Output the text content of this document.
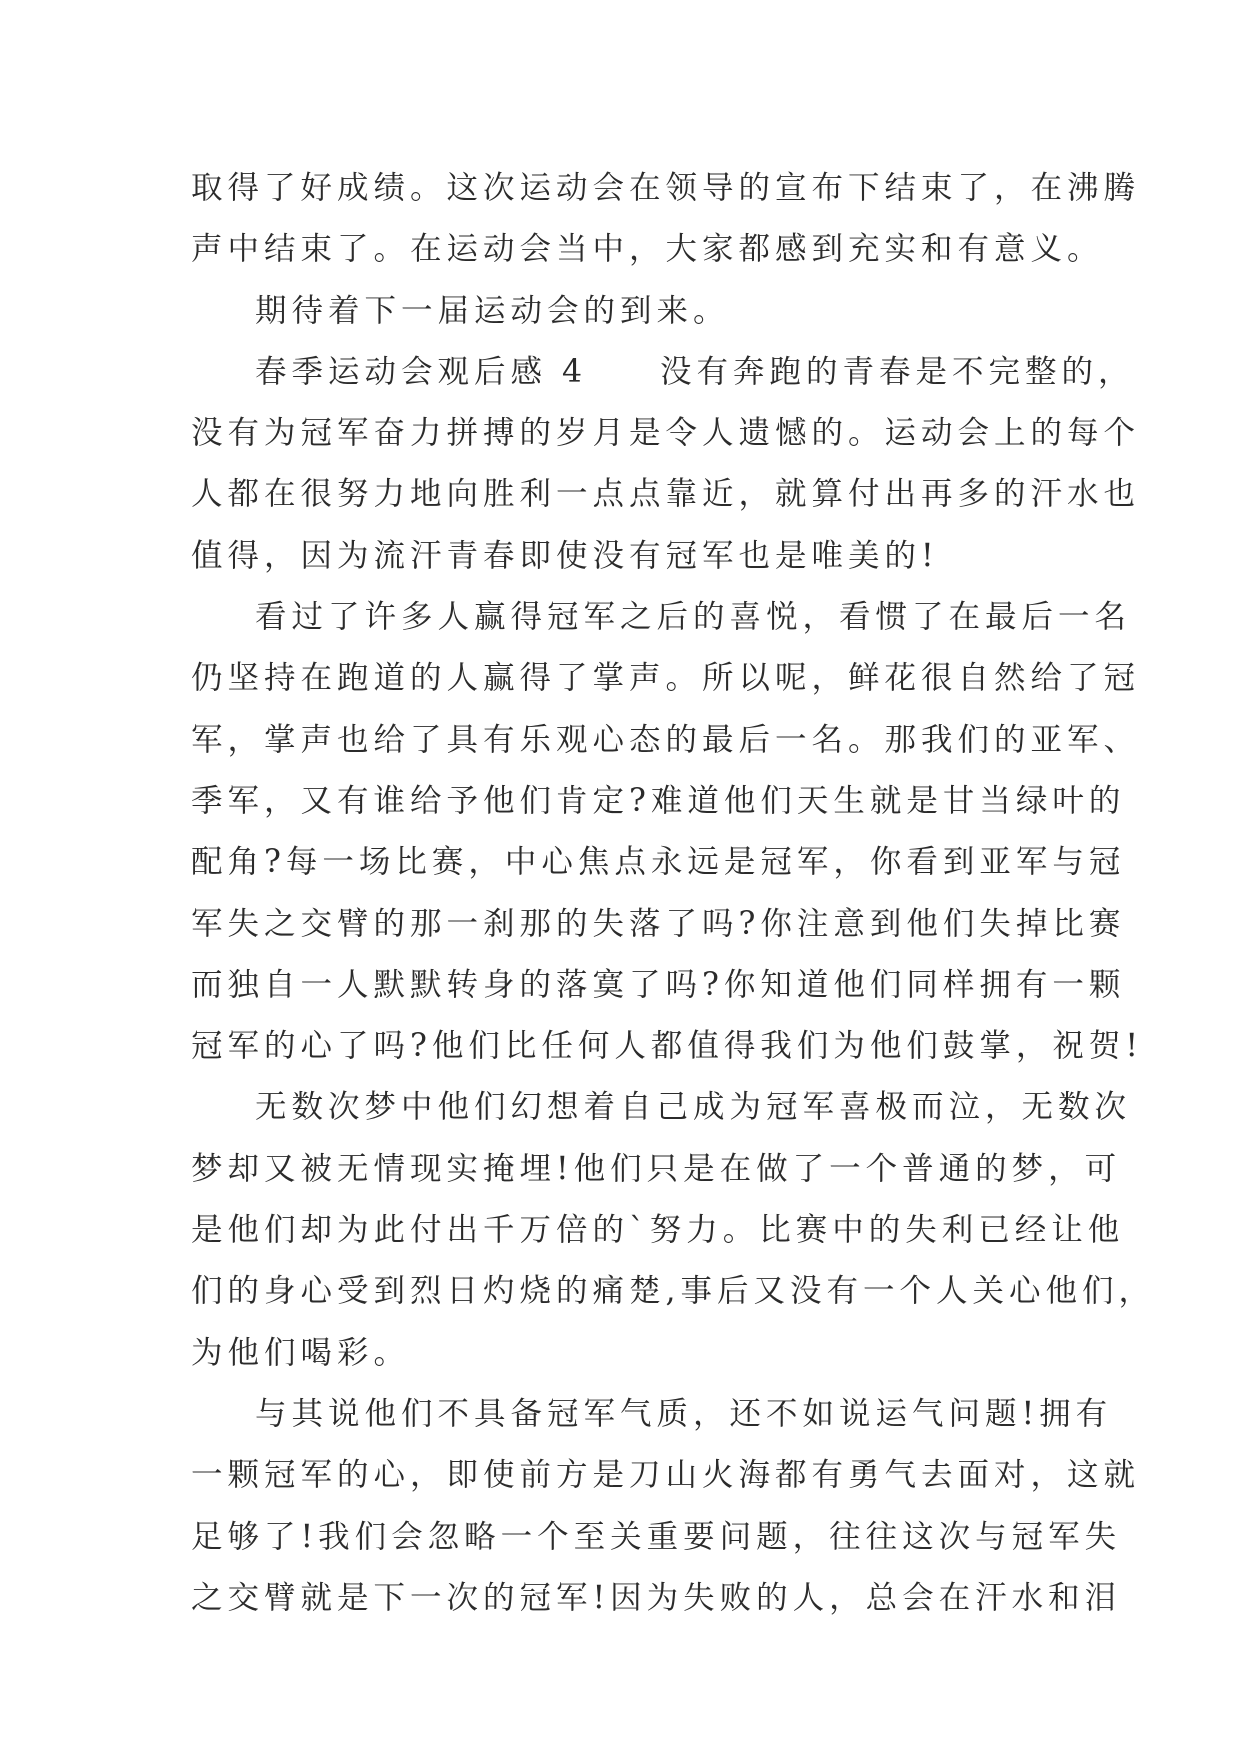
取得了好成绩。这次运动会在领导的宣布下结束了，在沸腾
声中结束了。在运动会当中，大家都感到充实和有意义。
期待着下一届运动会的到来。
春季运动会观后感 4　　没有奔跑的青春是不完整的，
没有为冠军奋力拼搏的岁月是令人遗憾的。运动会上的每个
人都在很努力地向胜利一点点靠近，就算付出再多的汗水也
值得，因为流汗青春即使没有冠军也是唯美的!
看过了许多人赢得冠军之后的喜悦，看惯了在最后一名
仍坚持在跑道的人赢得了掌声。所以呢，鲜花很自然给了冠
军，掌声也给了具有乐观心态的最后一名。那我们的亚军、
季军，又有谁给予他们肯定?难道他们天生就是甘当绿叶的
配角?每一场比赛，中心焦点永远是冠军，你看到亚军与冠
军失之交臂的那一刹那的失落了吗?你注意到他们失掉比赛
而独自一人默默转身的落寞了吗?你知道他们同样拥有一颗
冠军的心了吗?他们比任何人都值得我们为他们鼓掌，祝贺!
无数次梦中他们幻想着自己成为冠军喜极而泣，无数次
梦却又被无情现实掩埋!他们只是在做了一个普通的梦，可
是他们却为此付出千万倍的`努力。比赛中的失利已经让他
们的身心受到烈日灼烧的痛楚,事后又没有一个人关心他们，
为他们喝彩。
与其说他们不具备冠军气质，还不如说运气问题!拥有
一颗冠军的心，即使前方是刀山火海都有勇气去面对，这就
足够了!我们会忽略一个至关重要问题，往往这次与冠军失
之交臂就是下一次的冠军!因为失败的人，总会在汗水和泪
